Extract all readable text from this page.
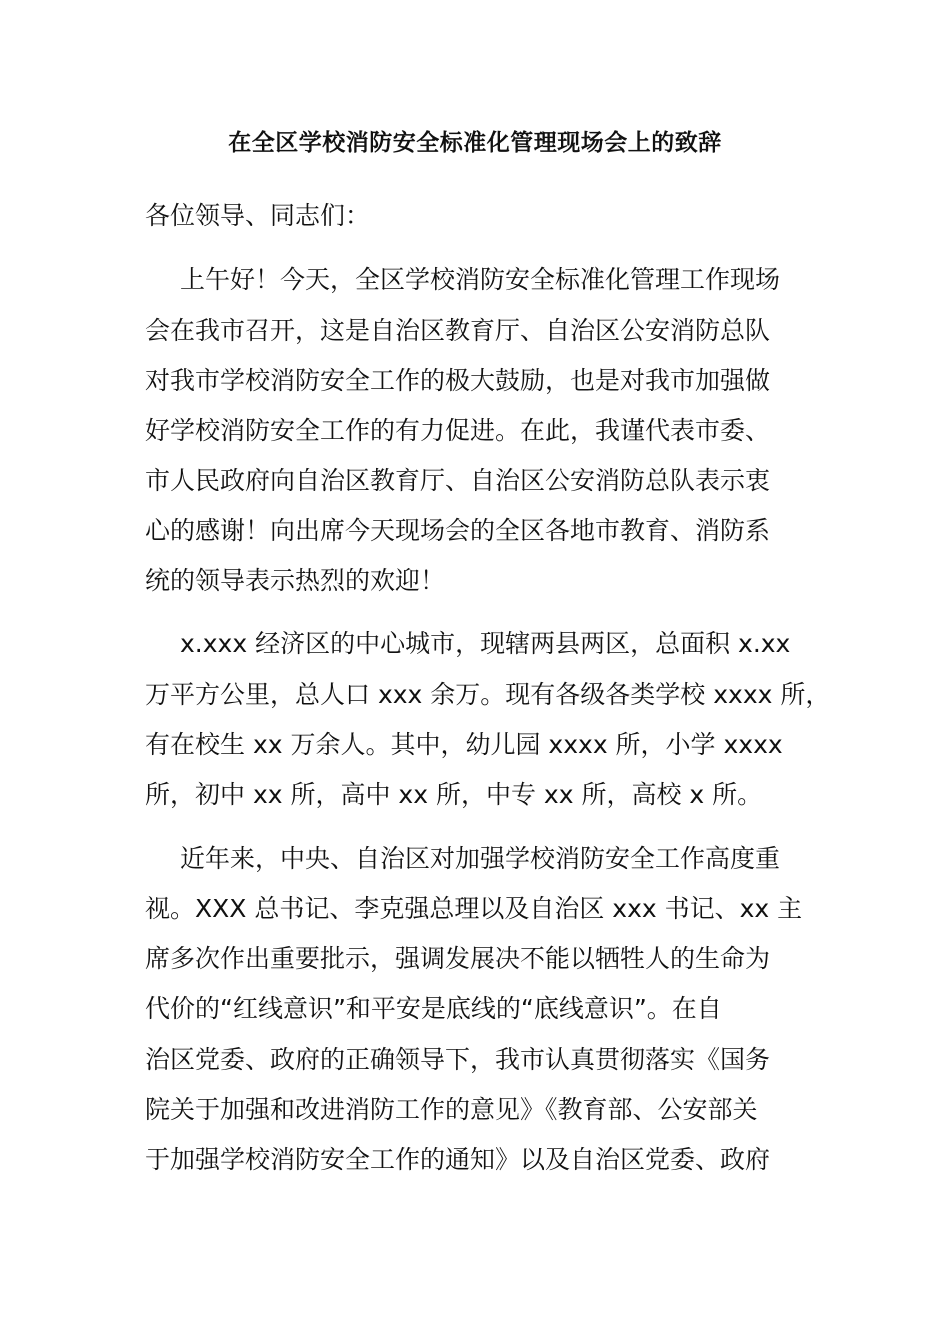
在全区学校消防安全标准化管理现场会上的致辞
各位领导、同志们：
上午好！今天，全区学校消防安全标准化管理工作现场
会在我市召开，这是自治区教育厅、自治区公安消防总队
对我市学校消防安全工作的极大鼓励，也是对我市加强做
好学校消防安全工作的有力促进。在此，我谨代表市委、
市人民政府向自治区教育厅、自治区公安消防总队表示衷
心的感谢！向出席今天现场会的全区各地市教育、消防系
统的领导表示热烈的欢迎！
x.xxx 经济区的中心城市，现辖两县两区，总面积 x.xx
万平方公里，总人口 xxx 余万。现有各级各类学校 xxxx 所，
有在校生 xx 万余人。其中，幼儿园 xxxx 所，小学 xxxx
所，初中 xx 所，高中 xx 所，中专 xx 所，高校 x 所。
近年来，中央、自治区对加强学校消防安全工作高度重
视。XXX 总书记、李克强总理以及自治区 xxx 书记、xx 主
席多次作出重要批示，强调发展决不能以牺牲人的生命为
代价的“红线意识”和平安是底线的“底线意识”。在自
治区党委、政府的正确领导下，我市认真贯彻落实《国务
院关于加强和改进消防工作的意见》《教育部、公安部关
于加强学校消防安全工作的通知》以及自治区党委、政府
